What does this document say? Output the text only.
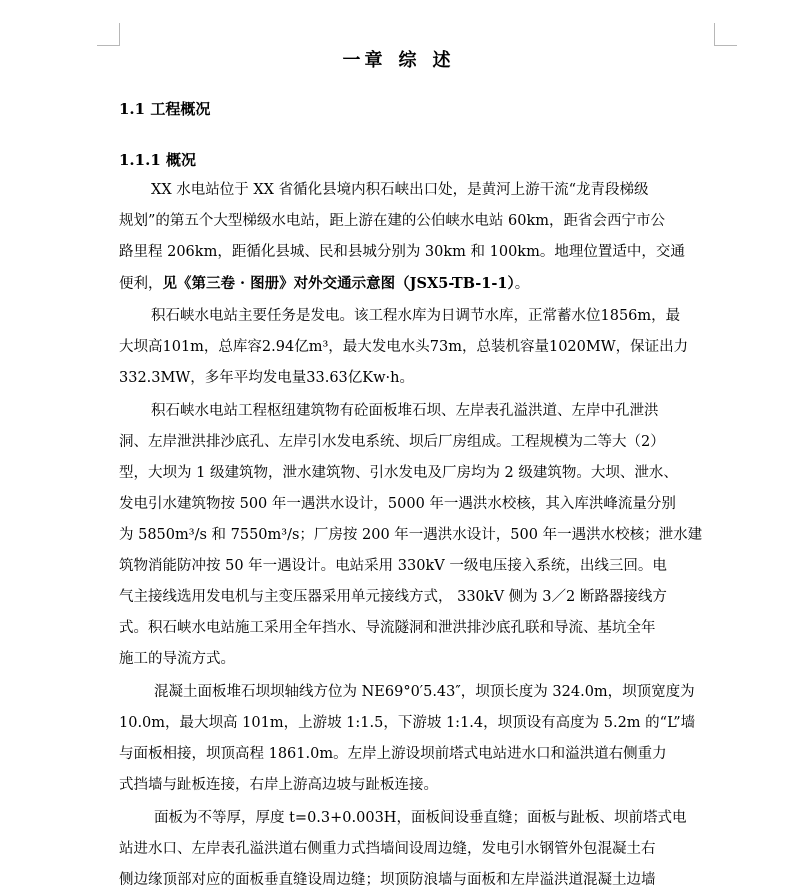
一章 综 述
1.1 工程概况
1.1.1 概况
XX 水电站位于 XX 省循化县境内积石峡出口处，是黄河上游干流“龙青段梯级
规划”的第五个大型梯级水电站，距上游在建的公伯峡水电站 60km，距省会西宁市公
路里程 206km，距循化县城、民和县城分别为 30km 和 100km。地理位置适中，交通
便利，见《第三卷 · 图册》对外交通示意图（JSX5-TB-1-1）。
积石峡水电站主要任务是发电。该工程水库为日调节水库，正常蓄水位1856m，最
大坝高101m，总库容2.94亿m³，最大发电水头73m，总装机容量1020MW，保证出力
332.3MW，多年平均发电量33.63亿Kw·h。
积石峡水电站工程枢纽建筑物有砼面板堆石坝、左岸表孔溢洪道、左岸中孔泄洪
洞、左岸泄洪排沙底孔、左岸引水发电系统、坝后厂房组成。工程规模为二等大（2）
型，大坝为 1 级建筑物，泄水建筑物、引水发电及厂房均为 2 级建筑物。大坝、泄水、
发电引水建筑物按 500 年一遇洪水设计，5000 年一遇洪水校核，其入库洪峰流量分别
为 5850m³/s 和 7550m³/s；厂房按 200 年一遇洪水设计，500 年一遇洪水校核；泄水建
筑物消能防冲按 50 年一遇设计。电站采用 330kV 一级电压接入系统，出线三回。电
气主接线选用发电机与主变压器采用单元接线方式， 330kV 侧为 3／2 断路器接线方
式。积石峡水电站施工采用全年挡水、导流隧洞和泄洪排沙底孔联和导流、基坑全年
施工的导流方式。
混凝土面板堆石坝坝轴线方位为 NE69°0′5.43″，坝顶长度为 324.0m，坝顶宽度为
10.0m，最大坝高 101m，上游坡 1:1.5，下游坡 1:1.4，坝顶设有高度为 5.2m 的“L”墙
与面板相接，坝顶高程 1861.0m。左岸上游设坝前塔式电站进水口和溢洪道右侧重力
式挡墙与趾板连接，右岸上游高边坡与趾板连接。
面板为不等厚，厚度 t=0.3+0.003H，面板间设垂直缝；面板与趾板、坝前塔式电
站进水口、左岸表孔溢洪道右侧重力式挡墙间设周边缝，发电引水钢管外包混凝土右
侧边缘顶部对应的面板垂直缝设周边缝；坝顶防浪墙与面板和左岸溢洪道混凝土边墙
